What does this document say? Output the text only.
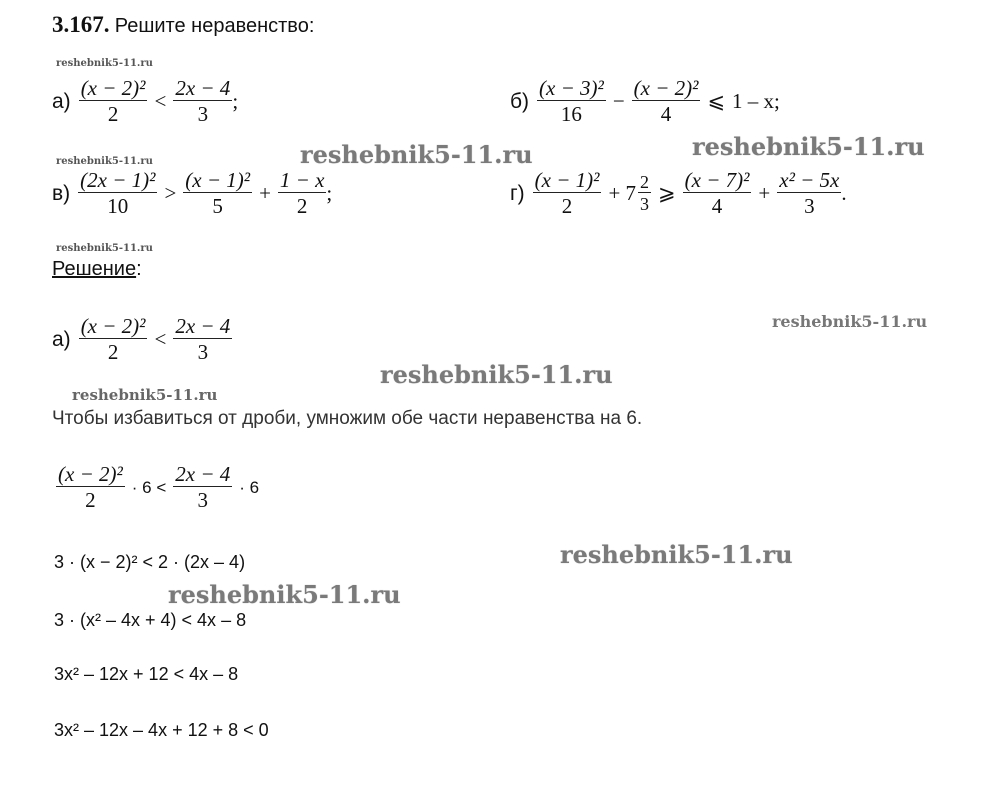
3.167. Решите неравенство:
reshebnik5-11.ru
reshebnik5-11.ru
reshebnik5-11.ru
$а) \frac{\text{(x − 2)²}}{2} < \frac{2x - 4}{3}$ ;	$б) \frac{\text{(x − 3)²}}{16} - \frac{\text{(x − 2)²}}{4}$ ⩽ 1 – x;
reshebnik5-11.ru	reshebnik5-11.ru
$в) \frac{\text{(2x − 1)²}}{10} > \frac{\text{(x − 1)²}}{5} + \frac{1 - x}{2}$ ;	$г) \frac{\text{(x − 1)²}}{2} + 7 \frac{2}{3}$ ⩾ $\frac{\text{(x − 7)²}}{4} + \frac{\text{x² − 5x}}{3}$ .
Решение:
reshebnik5-11.ru
$а) \frac{\text{(x − 2)²}}{2} < \frac{2x - 4}{3}$
reshebnik5-11.ru
reshebnik5-11.ru
Чтобы избавиться от дроби, умножим обе части неравенства на 6.
$\frac{\text{(x − 2)²}}{2} \cdot 6 < \frac{2x - 4}{3} \cdot 6$
reshebnik5-11.ru
reshebnik5-11.ru
3 · (x − 2)² < 2 · (2x – 4)
3 · (x² – 4x + 4) < 4x – 8
3x² – 12x + 12 < 4x – 8
3x² – 12x – 4x + 12 + 8 < 0
